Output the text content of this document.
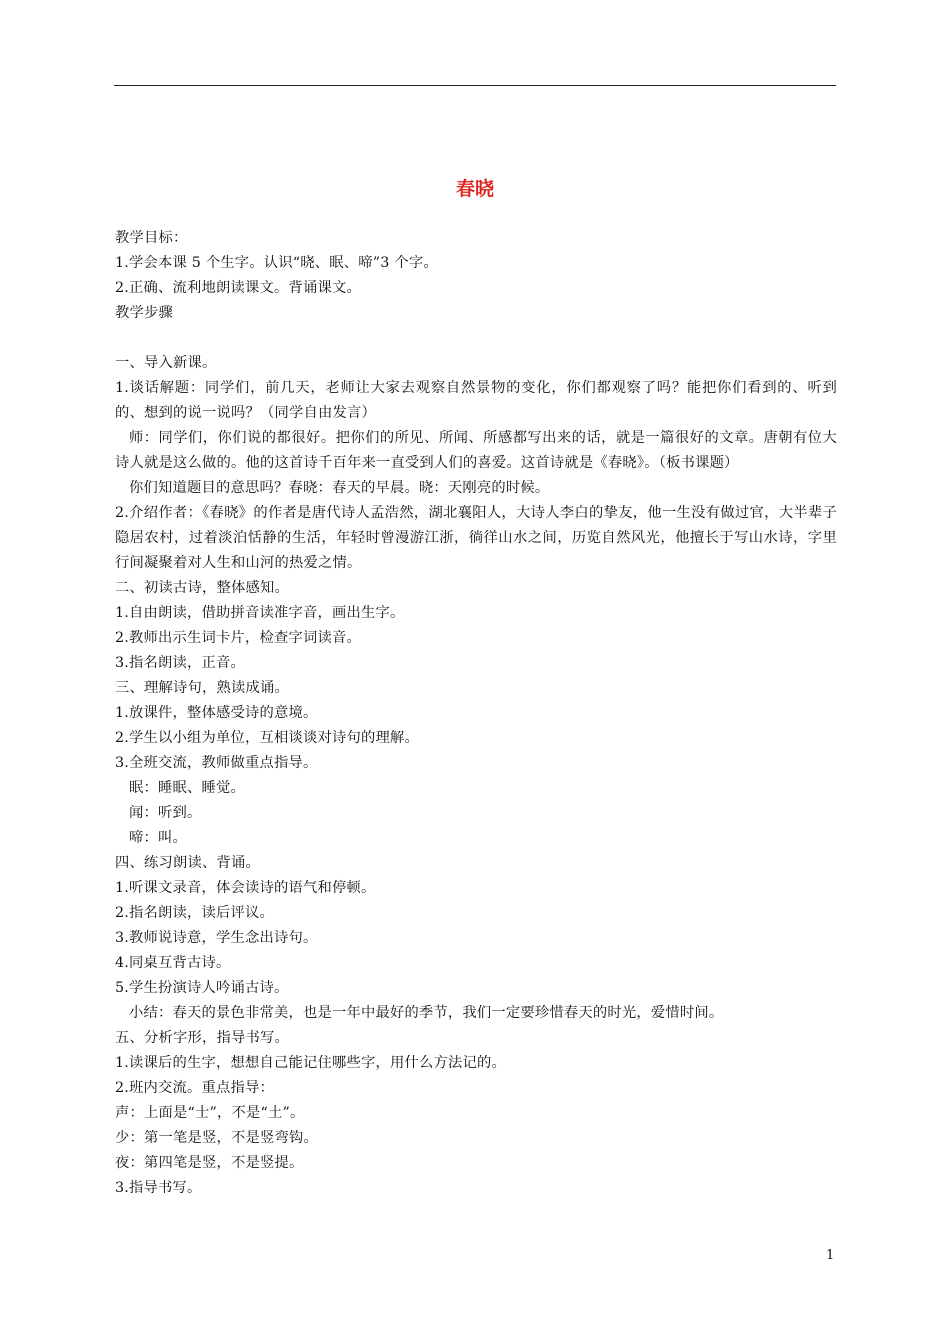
春晓
教学目标：
1.学会本课 5 个生字。认识“晓、眠、啼”3 个字。
2.正确、流利地朗读课文。背诵课文。
教学步骤
一、导入新课。

1.谈话解题：同学们，前几天，老师让大家去观察自然景物的变化，你们都观察了吗？能把你们看到的、听到的、想到的说一说吗？（同学自由发言）

师：同学们，你们说的都很好。把你们的所见、所闻、所感都写出来的话，就是一篇很好的文章。唐朝有位大诗人就是这么做的。他的这首诗千百年来一直受到人们的喜爱。这首诗就是《春晓》。（板书课题）

你们知道题目的意思吗？春晓：春天的早晨。晓：天刚亮的时候。

2.介绍作者：《春晓》的作者是唐代诗人孟浩然，湖北襄阳人，大诗人李白的挚友，他一生没有做过官，大半辈子隐居农村，过着淡泊恬静的生活，年轻时曾漫游江浙，徜徉山水之间，历览自然风光，他擅长于写山水诗，字里行间凝聚着对人生和山河的热爱之情。

二、初读古诗，整体感知。
1.自由朗读，借助拼音读准字音，画出生字。
2.教师出示生词卡片，检查字词读音。
3.指名朗读，正音。
三、理解诗句，熟读成诵。
1.放课件，整体感受诗的意境。
2.学生以小组为单位，互相谈谈对诗句的理解。
3.全班交流，教师做重点指导。
眠：睡眠、睡觉。
闻：听到。
啼：叫。
四、练习朗读、背诵。
1.听课文录音，体会读诗的语气和停顿。
2.指名朗读，读后评议。
3.教师说诗意，学生念出诗句。
4.同桌互背古诗。
5.学生扮演诗人吟诵古诗。
小结：春天的景色非常美，也是一年中最好的季节，我们一定要珍惜春天的时光，爱惜时间。
五、分析字形，指导书写。
1.读课后的生字，想想自己能记住哪些字，用什么方法记的。
2.班内交流。重点指导：
声：上面是“士”，不是“土”。
少：第一笔是竖，不是竖弯钩。
夜：第四笔是竖，不是竖提。
3.指导书写。
1
